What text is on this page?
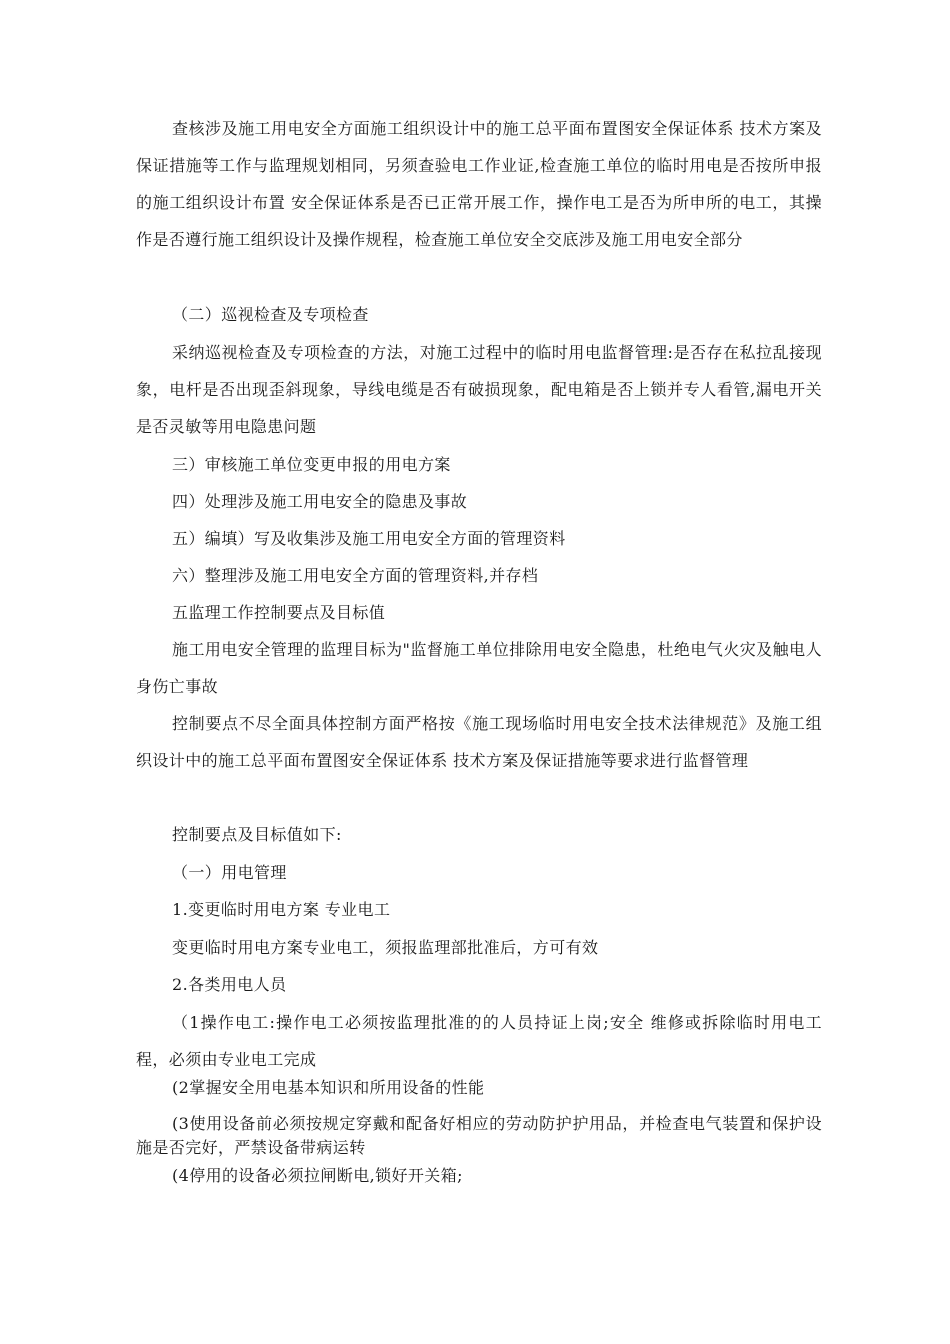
查核涉及施工用电安全方面施工组织设计中的施工总平面布置图安全保证体系 技术方案及保证措施等工作与监理规划相同，另须查验电工作业证,检查施工单位的临时用电是否按所申报的施工组织设计布置 安全保证体系是否已正常开展工作，操作电工是否为所申所的电工，其操作是否遵行施工组织设计及操作规程，检查施工单位安全交底涉及施工用电安全部分
（二）巡视检查及专项检查
采纳巡视检查及专项检查的方法，对施工过程中的临时用电监督管理:是否存在私拉乱接现象，电杆是否出现歪斜现象，导线电缆是否有破损现象，配电箱是否上锁并专人看管,漏电开关是否灵敏等用电隐患问题
三）审核施工单位变更申报的用电方案
四）处理涉及施工用电安全的隐患及事故
五）编填）写及收集涉及施工用电安全方面的管理资料
六）整理涉及施工用电安全方面的管理资料,并存档
五监理工作控制要点及目标值
施工用电安全管理的监理目标为"监督施工单位排除用电安全隐患，杜绝电气火灾及触电人身伤亡事故
控制要点不尽全面具体控制方面严格按《施工现场临时用电安全技术法律规范》及施工组织设计中的施工总平面布置图安全保证体系 技术方案及保证措施等要求进行监督管理
控制要点及目标值如下:
（一）用电管理
1.变更临时用电方案 专业电工
变更临时用电方案专业电工，须报监理部批准后，方可有效
2.各类用电人员
（1操作电工:操作电工必须按监理批准的的人员持证上岗;安全 维修或拆除临时用电工程，必须由专业电工完成
(2掌握安全用电基本知识和所用设备的性能
(3使用设备前必须按规定穿戴和配备好相应的劳动防护护用品，并检查电气装置和保护设施是否完好，严禁设备带病运转
(4停用的设备必须拉闸断电,锁好开关箱;
